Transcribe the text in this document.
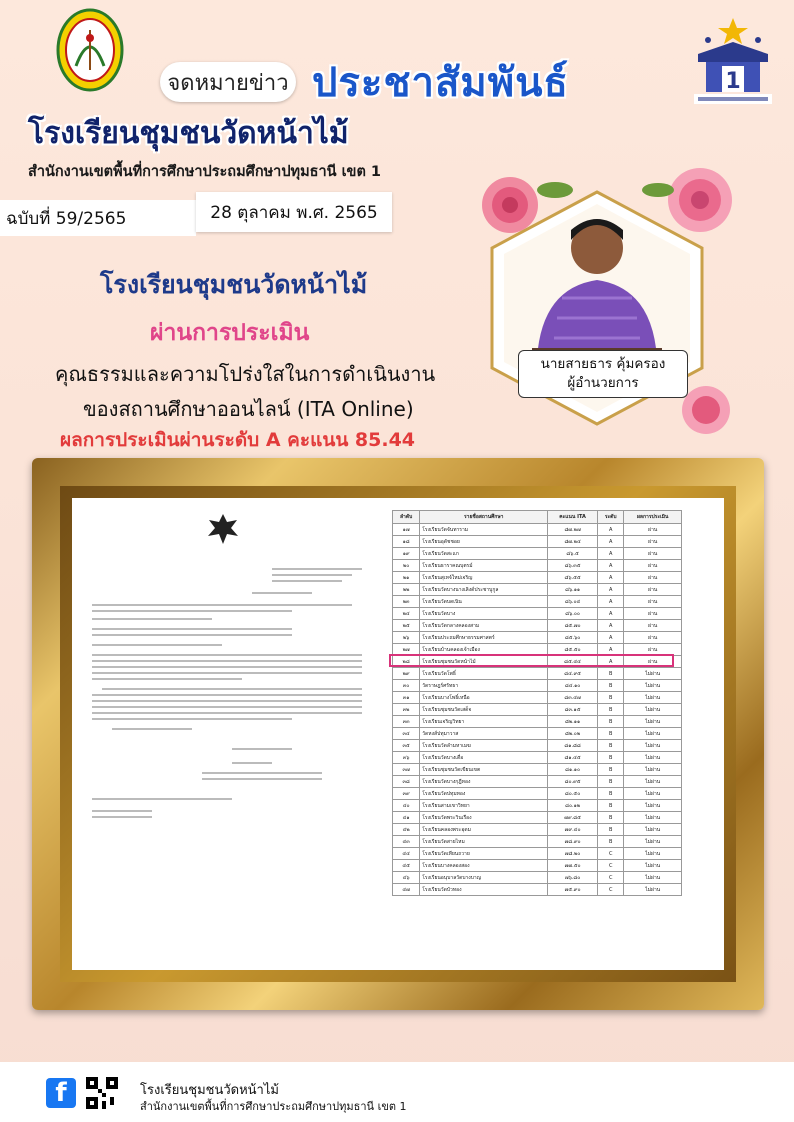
1
จดหมายข่าว ประชาสัมพันธ์
โรงเรียนชุมชนวัดหน้าไม้
สำนักงานเขตพื้นที่การศึกษาประถมศึกษาปทุมธานี เขต 1
ฉบับที่ 59/2565	28 ตุลาคม พ.ศ. 2565
นายสายธาร คุ้มครอง
ผู้อำนวยการ
โรงเรียนชุมชนวัดหน้าไม้
ผ่านการประเมิน
คุณธรรมและความโปร่งใสในการดำเนินงาน
ของสถานศึกษาออนไลน์ (ITA Online)
ผลการประเมินผ่านระดับ A คะแนน 85.44
ลำดับ	รายชื่อสถานศึกษา	คะแนน ITA	ระดับ	ผลการประเมิน
๑๗	โรงเรียนวัดจันทาราม	๘๗.๒๗	A	ผ่าน
๑๘	โรงเรียนอุดัชชอย	๘๗.๒๔	A	ผ่าน
๑๙	โรงเรียนวัดสะแก	๘๖.๕	A	ผ่าน
๒๐	โรงเรียนธาราคณบุตรม์	๘๖.๓๕	A	ผ่าน
๒๑	โรงเรียนสุเทจ์ใหม่เจริญ	๘๖.๕๕	A	ผ่าน
๒๒	โรงเรียนวัดบางนางเลิงด์ประชาบูกูล	๘๖.๑๑	A	ผ่าน
๒๓	โรงเรียนวัดบดเนิน	๘๖.๐๔	A	ผ่าน
๒๔	โรงเรียนวัดบาง	๘๖.๐๐	A	ผ่าน
๒๕	โรงเรียนวัดกลางคลองสาม	๘๕.๗๐	A	ผ่าน
๒๖	โรงเรียนประถมศึกษาธรรมศาสตร์	๘๕.๖๐	A	ผ่าน
๒๗	โรงเรียนบ้านคลองเจ้าเมือง	๘๕.๕๐	A	ผ่าน
๒๘	โรงเรียนชุมชนวัดหน้าไม้	๘๕.๔๔	A	ผ่าน
๒๙	โรงเรียนวัดโพธิ์	๘๔.๙๕	B	ไม่ผ่าน
๓๐	วัดราษฎร์ศรัทธา	๘๔.๑๐	B	ไม่ผ่าน
๓๑	โรงเรียนบางโพธิ์เหนือ	๘๓.๔๗	B	ไม่ผ่าน
๓๒	โรงเรียนชุมชนวัดเสด็จ	๘๓.๑๕	B	ไม่ผ่าน
๓๓	โรงเรียนเจริญวิทยา	๘๒.๑๑	B	ไม่ผ่าน
๓๔	วัดหงส์ปทุมาวาส	๘๒.๐๒	B	ไม่ผ่าน
๓๕	โรงเรียนวัดลำมหาเมฆ	๘๑.๘๘	B	ไม่ผ่าน
๓๖	โรงเรียนวัดบางเดื่อ	๘๑.๔๕	B	ไม่ผ่าน
๓๗	โรงเรียนชุมชนวัดเขียนเขต	๘๑.๑๐	B	ไม่ผ่าน
๓๘	โรงเรียนวัดบางกุฎีทอง	๘๐.๙๕	B	ไม่ผ่าน
๓๙	โรงเรียนวัดปทุมทอง	๘๐.๕๐	B	ไม่ผ่าน
๔๐	โรงเรียนสามเขาวิทยา	๘๐.๑๒	B	ไม่ผ่าน
๔๑	โรงเรียนวัดพระวินเรือง	๗๙.๘๕	B	ไม่ผ่าน
๔๒	โรงเรียนคลองพระอุดม	๗๙.๔๐	B	ไม่ผ่าน
๔๓	โรงเรียนวัดสายไหม	๗๘.๙๐	B	ไม่ผ่าน
๔๔	โรงเรียนวัดเทียนถวาย	๗๘.๒๐	C	ไม่ผ่าน
๔๕	โรงเรียนบางคลองสอง	๗๗.๕๐	C	ไม่ผ่าน
๔๖	โรงเรียนอนุบาลวัดบางบาญ	๗๖.๘๐	C	ไม่ผ่าน
๔๗	โรงเรียนวัดบัวทอง	๗๕.๙๐	C	ไม่ผ่าน
f	โรงเรียนชุมชนวัดหน้าไม้
สำนักงานเขตพื้นที่การศึกษาประถมศึกษาปทุมธานี เขต 1
